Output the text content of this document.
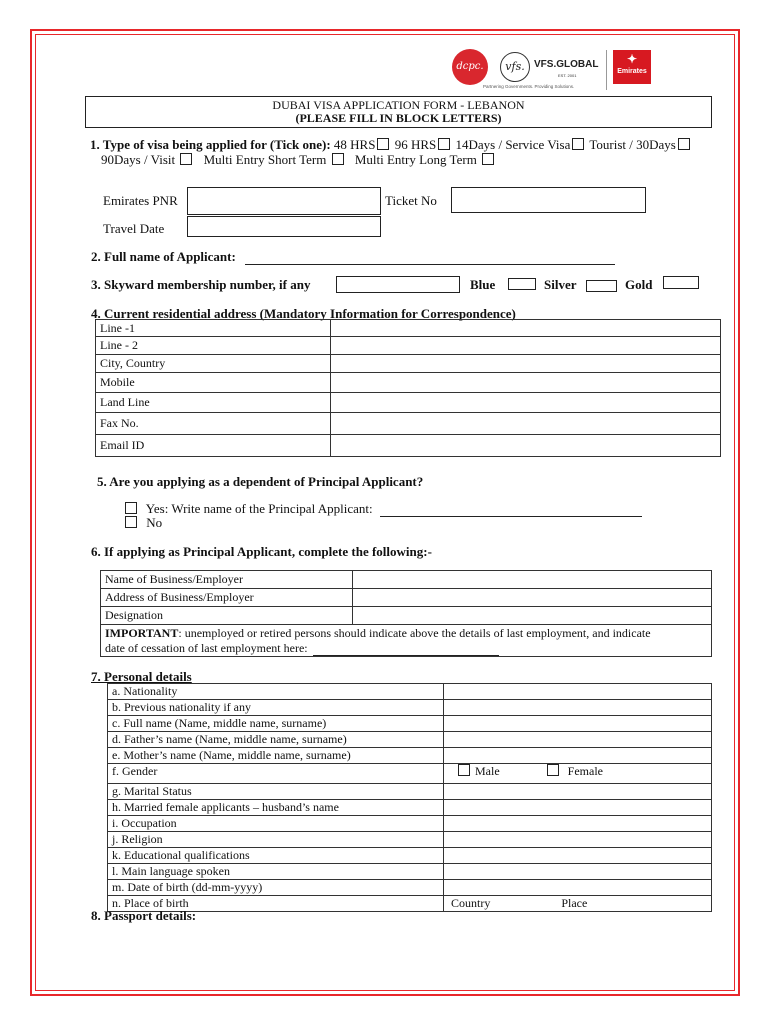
dcpc.	vfs. VFS.GLOBAL
EST. 2001
Partnering Governments. Providing Solutions.
✦
Emirates
DUBAI VISA APPLICATION FORM - LEBANON
(PLEASE FILL IN BLOCK LETTERS)
1. Type of visa being applied for (Tick one): 48 HRS 96 HRS 14Days / Service Visa Tourist / 30Days
90Days / Visit Multi Entry Short Term Multi Entry Long Term
Emirates PNR	Ticket No
Travel Date
2. Full name of Applicant:
3. Skyward membership number, if any	Blue	Silver	Gold
4. Current residential address (Mandatory Information for Correspondence)
Line -1	
Line - 2	
City, Country	
Mobile	
Land Line	
Fax No.	
Email ID	
5. Are you applying as a dependent of Principal Applicant?
Yes: Write name of the Principal Applicant:
No
6. If applying as Principal Applicant, complete the following:-
Name of Business/Employer	
Address of Business/Employer	
Designation	
IMPORTANT: unemployed or retired persons should indicate above the details of last employment, and indicate
date of cessation of last employment here:	
7. Personal details
a. Nationality	
b. Previous nationality if any	
c. Full name (Name, middle name, surname)	
d. Father’s name (Name, middle name, surname)	
e. Mother’s name (Name, middle name, surname)	
f. Gender	Male Female
g. Marital Status	
h. Married female applicants – husband’s name	
i. Occupation	
j. Religion	
k. Educational qualifications	
l. Main language spoken	
m. Date of birth (dd-mm-yyyy)	
n. Place of birth	Country Place
8. Passport details:
